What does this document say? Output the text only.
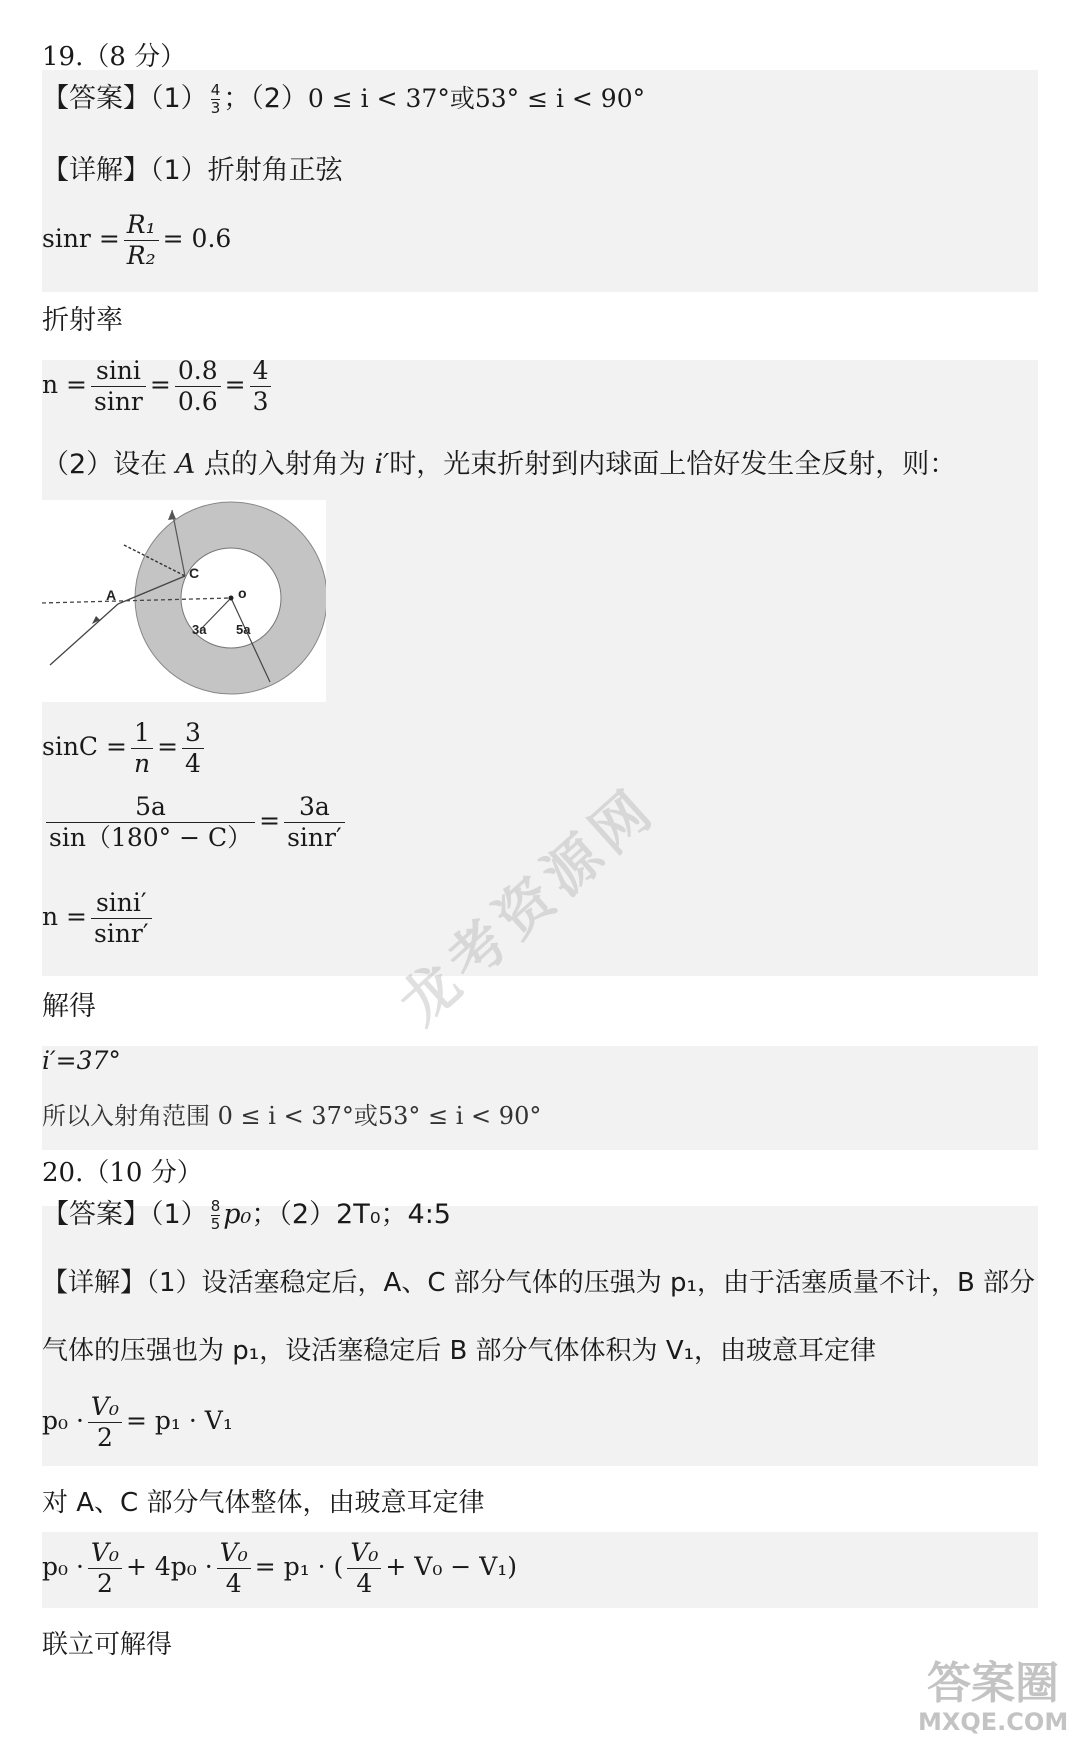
19.（8 分）
【答案】$(1) \frac{4}{3}$ ；（2）0 ≤ i < 37°或53° ≤ i < 90°
【详解】（1）折射角正弦
$\sin r = \frac{\text{R₁}}{\text{R₂}} = 0.6$
折射率
$n = \frac{\sin i}{\sin r} = \frac{0.8}{0.6} = \frac{4}{3}$
（2）设在 A 点的入射角为 i′时，光束折射到内球面上恰好发生全反射，则：
A
C
o
3a 5a
$\sin C = \frac{1}{n} = \frac{3}{4}$
$\frac{5a}{\sin(180^\circ - C)} = \frac{3a}{\sin r'}$
$n = \frac{\sin i'}{\sin r'}$
解得
i′=37°
所以入射角范围 0 ≤ i < 37°或53° ≤ i < 90°
20.（10 分）
【答案】$(1) \frac{8}{5} p_0$；（2）2T₀；4:5
【详解】（1）设活塞稳定后，A、C 部分气体的压强为 p₁，由于活塞质量不计，B 部分
气体的压强也为 p₁，设活塞稳定后 B 部分气体体积为 V₁，由玻意耳定律
$p_0 \cdot \frac{\text{V₀}}{2} = p_1 \cdot V_1$
对 A、C 部分气体整体，由玻意耳定律
$p_0 \cdot \frac{\text{V₀}}{2} + 4p_0 \cdot \frac{\text{V₀}}{4} = p_1$ · ( $\frac{\text{V₀}}{4} + V_0 - V_1$)
联立可解得
龙考资源网
答案圈
MXQE.COM
